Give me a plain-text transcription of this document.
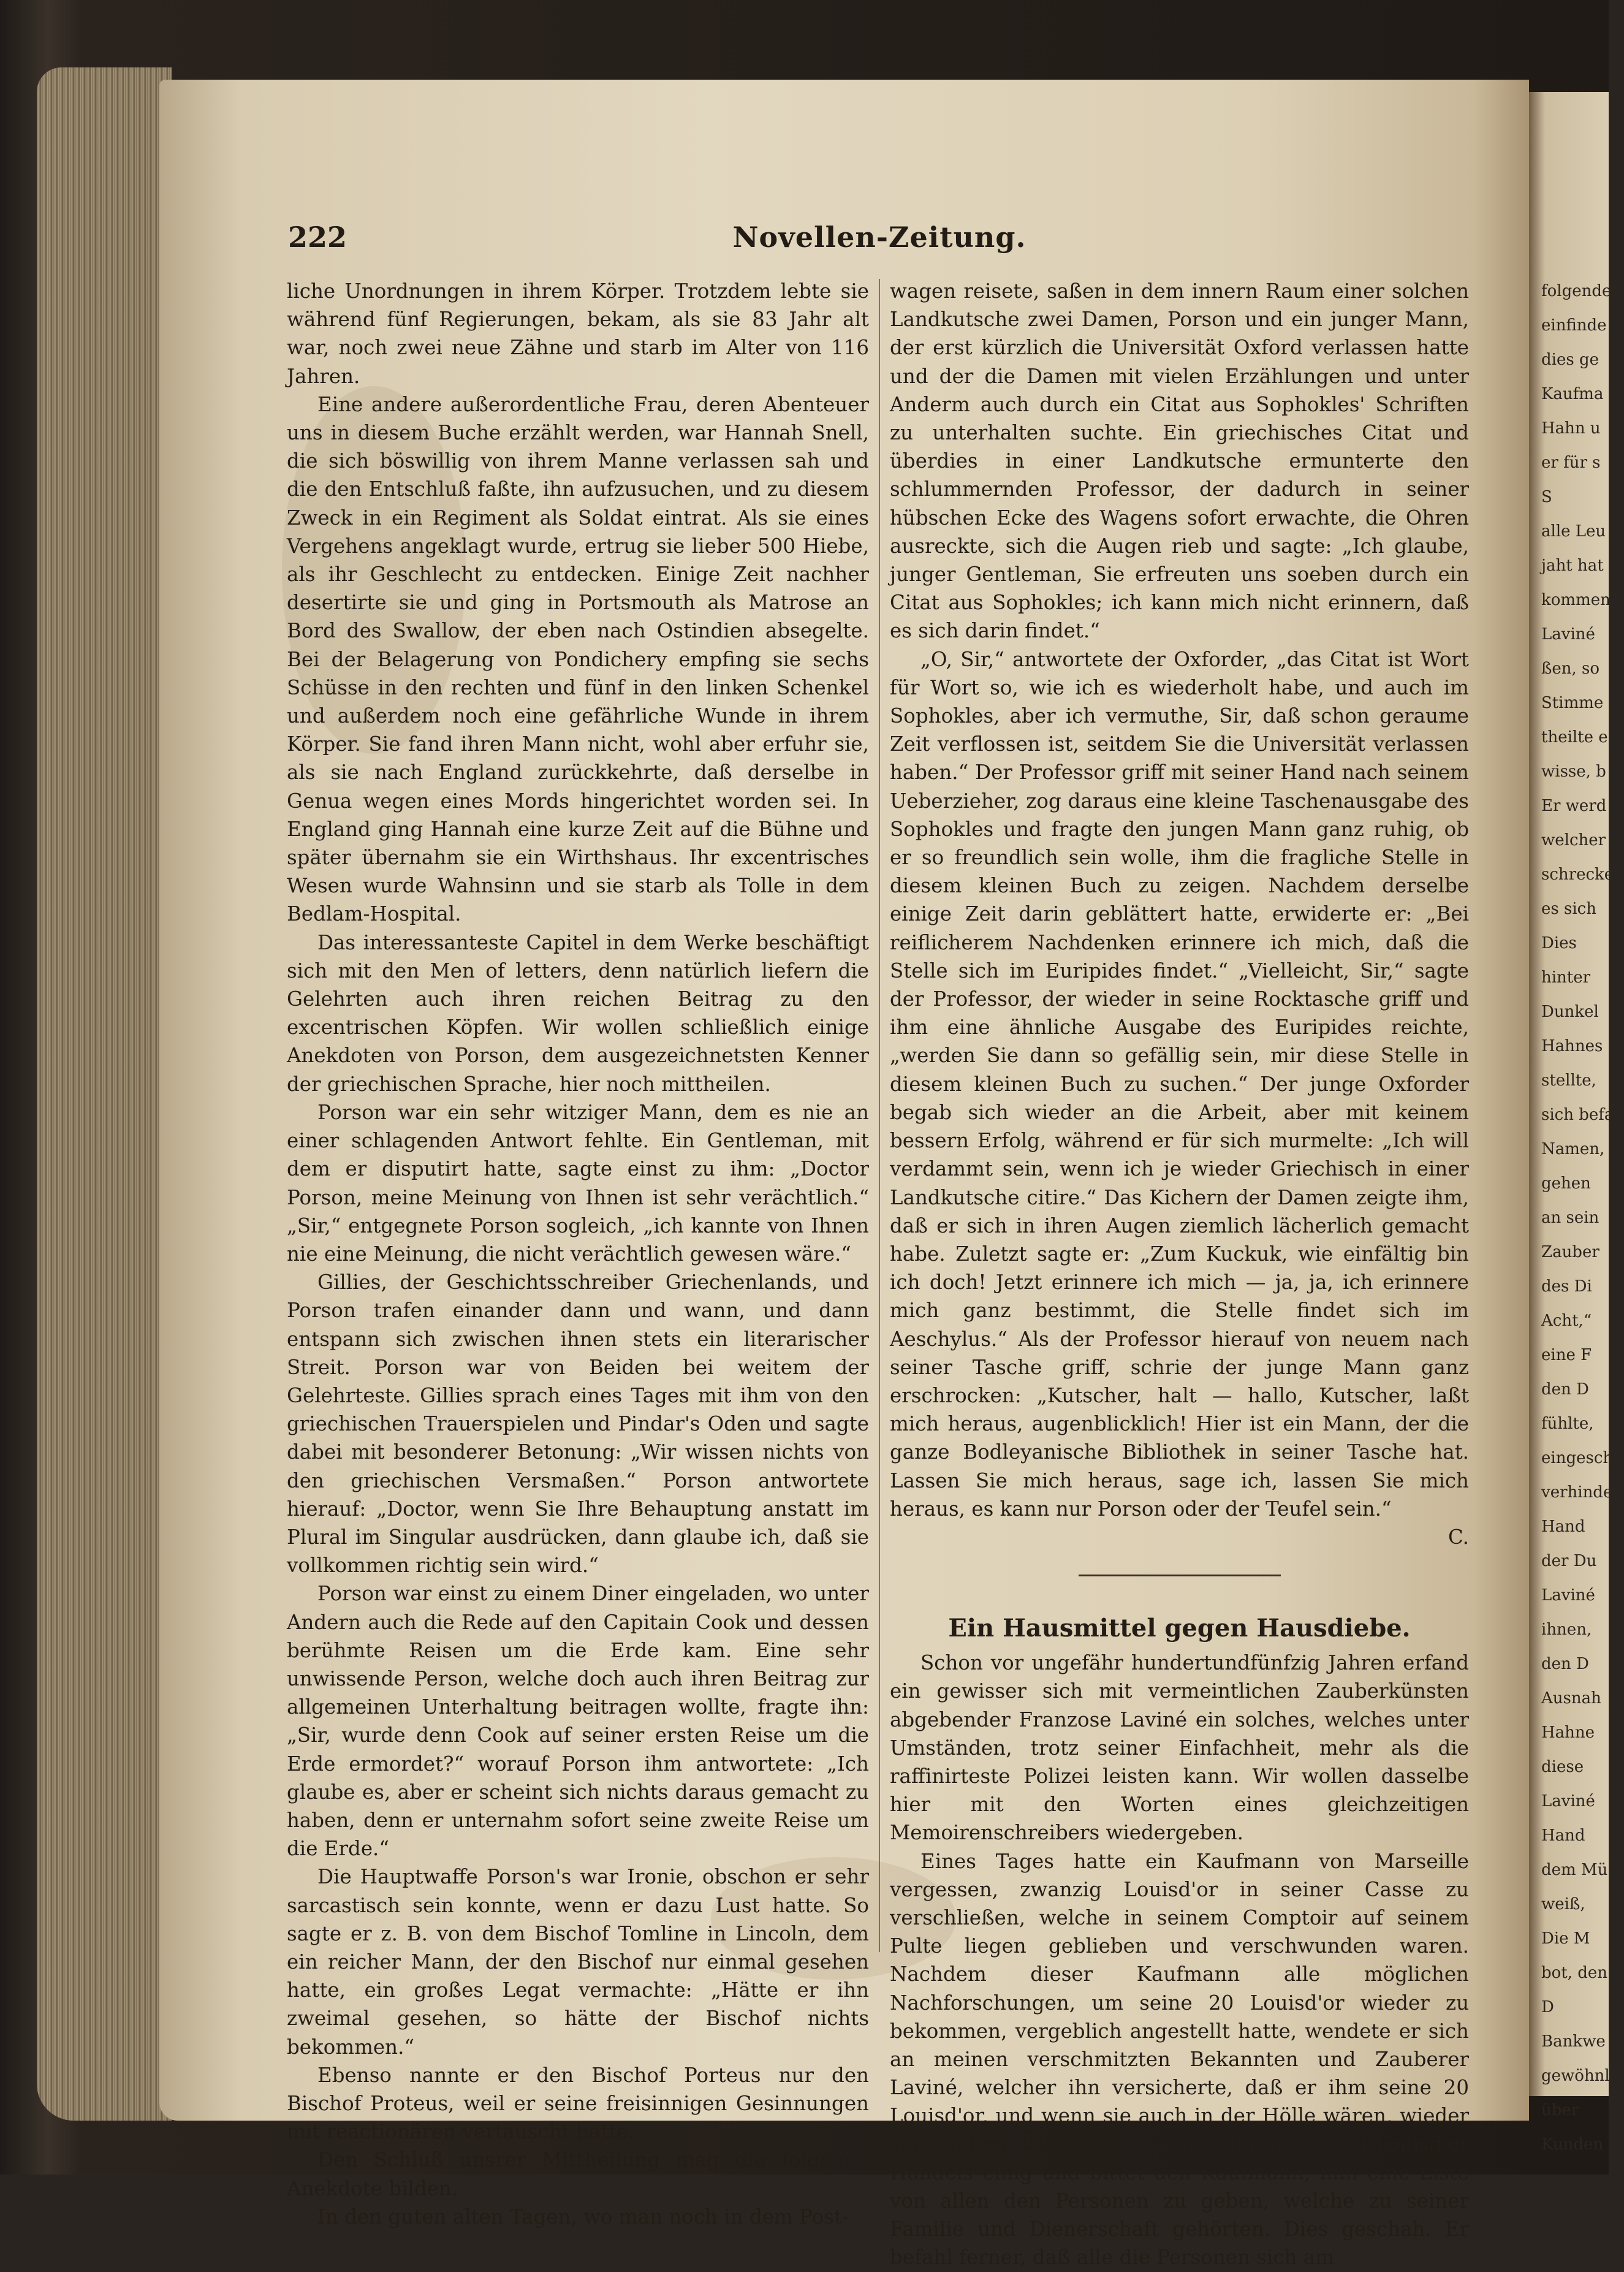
folgender
einfinde
dies ge
Kaufma
Hahn u
er für s
S
alle Leu
jaht hat
kommen
Laviné
ßen, so
Stimme
theilte e
wisse, b
Er werd
welcher
schrecken
es sich
Dies
hinter
Dunkel
Hahnes
stellte,
sich befa
Namen,
gehen
an sein
Zauber
des Di
Acht,“
eine F
den D
fühlte,
eingesch
verhinde
Hand
der Du
Laviné
ihnen,
den D
Ausnah
Hahne
diese
Laviné
Hand
dem Mü
weiß,
Die M
bot, den
D
Bankwe
gewöhnl
über
Kunden
222	Novellen-Zeitung.

liche Unordnungen in ihrem Körper. Trotzdem lebte sie während fünf Regierungen, bekam, als sie 83 Jahr alt war, noch zwei neue Zähne und starb im Alter von 116 Jahren.

Eine andere außerordentliche Frau, deren Abenteuer uns in diesem Buche erzählt werden, war Hannah Snell, die sich böswillig von ihrem Manne verlassen sah und die den Entschluß faßte, ihn aufzusuchen, und zu diesem Zweck in ein Regiment als Soldat eintrat. Als sie eines Vergehens angeklagt wurde, ertrug sie lieber 500 Hiebe, als ihr Geschlecht zu entdecken. Einige Zeit nachher desertirte sie und ging in Portsmouth als Matrose an Bord des Swallow, der eben nach Ostindien absegelte. Bei der Belagerung von Pondichery empfing sie sechs Schüsse in den rechten und fünf in den linken Schenkel und außerdem noch eine gefährliche Wunde in ihrem Körper. Sie fand ihren Mann nicht, wohl aber erfuhr sie, als sie nach England zurückkehrte, daß derselbe in Genua wegen eines Mords hingerichtet worden sei. In England ging Hannah eine kurze Zeit auf die Bühne und später übernahm sie ein Wirthshaus. Ihr excentrisches Wesen wurde Wahnsinn und sie starb als Tolle in dem Bedlam-Hospital.

Das interessanteste Capitel in dem Werke beschäftigt sich mit den Men of letters, denn natürlich liefern die Gelehrten auch ihren reichen Beitrag zu den excentrischen Köpfen. Wir wollen schließlich einige Anekdoten von Porson, dem ausgezeichnetsten Kenner der griechischen Sprache, hier noch mittheilen.

Porson war ein sehr witziger Mann, dem es nie an einer schlagenden Antwort fehlte. Ein Gentleman, mit dem er disputirt hatte, sagte einst zu ihm: „Doctor Porson, meine Meinung von Ihnen ist sehr verächtlich.“ „Sir,“ entgegnete Porson sogleich, „ich kannte von Ihnen nie eine Meinung, die nicht verächtlich gewesen wäre.“

Gillies, der Geschichtsschreiber Griechenlands, und Porson trafen einander dann und wann, und dann entspann sich zwischen ihnen stets ein literarischer Streit. Porson war von Beiden bei weitem der Gelehrteste. Gillies sprach eines Tages mit ihm von den griechischen Trauerspielen und Pindar's Oden und sagte dabei mit besonderer Betonung: „Wir wissen nichts von den griechischen Versmaßen.“ Porson antwortete hierauf: „Doctor, wenn Sie Ihre Behauptung anstatt im Plural im Singular ausdrücken, dann glaube ich, daß sie vollkommen richtig sein wird.“

Porson war einst zu einem Diner eingeladen, wo unter Andern auch die Rede auf den Capitain Cook und dessen berühmte Reisen um die Erde kam. Eine sehr unwissende Person, welche doch auch ihren Beitrag zur allgemeinen Unterhaltung beitragen wollte, fragte ihn: „Sir, wurde denn Cook auf seiner ersten Reise um die Erde ermordet?“ worauf Porson ihm antwortete: „Ich glaube es, aber er scheint sich nichts daraus gemacht zu haben, denn er unternahm sofort seine zweite Reise um die Erde.“

Die Hauptwaffe Porson's war Ironie, obschon er sehr sarcastisch sein konnte, wenn er dazu Lust hatte. So sagte er z. B. von dem Bischof Tomline in Lincoln, dem ein reicher Mann, der den Bischof nur einmal gesehen hatte, ein großes Legat vermachte: „Hätte er ihn zweimal gesehen, so hätte der Bischof nichts bekommen.“

Ebenso nannte er den Bischof Porteus nur den Bischof Proteus, weil er seine freisinnigen Gesinnungen mit reactionären vertauscht hatte.

Den Schluß unsrer Mittheilung mag die folgende Anekdote bilden.

In den guten alten Tagen, wo man noch in dem Post-

wagen reisete, saßen in dem innern Raum einer solchen Landkutsche zwei Damen, Porson und ein junger Mann, der erst kürzlich die Universität Oxford verlassen hatte und der die Damen mit vielen Erzählungen und unter Anderm auch durch ein Citat aus Sophokles' Schriften zu unterhalten suchte. Ein griechisches Citat und überdies in einer Landkutsche ermunterte den schlummernden Professor, der dadurch in seiner hübschen Ecke des Wagens sofort erwachte, die Ohren ausreckte, sich die Augen rieb und sagte: „Ich glaube, junger Gentleman, Sie erfreuten uns soeben durch ein Citat aus Sophokles; ich kann mich nicht erinnern, daß es sich darin findet.“

„O, Sir,“ antwortete der Oxforder, „das Citat ist Wort für Wort so, wie ich es wiederholt habe, und auch im Sophokles, aber ich vermuthe, Sir, daß schon geraume Zeit verflossen ist, seitdem Sie die Universität verlassen haben.“ Der Professor griff mit seiner Hand nach seinem Ueberzieher, zog daraus eine kleine Taschenausgabe des Sophokles und fragte den jungen Mann ganz ruhig, ob er so freundlich sein wolle, ihm die fragliche Stelle in diesem kleinen Buch zu zeigen. Nachdem derselbe einige Zeit darin geblättert hatte, erwiderte er: „Bei reiflicherem Nachdenken erinnere ich mich, daß die Stelle sich im Euripides findet.“ „Vielleicht, Sir,“ sagte der Professor, der wieder in seine Rocktasche griff und ihm eine ähnliche Ausgabe des Euripides reichte, „werden Sie dann so gefällig sein, mir diese Stelle in diesem kleinen Buch zu suchen.“ Der junge Oxforder begab sich wieder an die Arbeit, aber mit keinem bessern Erfolg, während er für sich murmelte: „Ich will verdammt sein, wenn ich je wieder Griechisch in einer Landkutsche citire.“ Das Kichern der Damen zeigte ihm, daß er sich in ihren Augen ziemlich lächerlich gemacht habe. Zuletzt sagte er: „Zum Kuckuk, wie einfältig bin ich doch! Jetzt erinnere ich mich — ja, ja, ich erinnere mich ganz bestimmt, die Stelle findet sich im Aeschylus.“ Als der Professor hierauf von neuem nach seiner Tasche griff, schrie der junge Mann ganz erschrocken: „Kutscher, halt — hallo, Kutscher, laßt mich heraus, augenblicklich! Hier ist ein Mann, der die ganze Bodleyanische Bibliothek in seiner Tasche hat. Lassen Sie mich heraus, sage ich, lassen Sie mich heraus, es kann nur Porson oder der Teufel sein.“

C.

Ein Hausmittel gegen Hausdiebe.

Schon vor ungefähr hundertundfünfzig Jahren erfand ein gewisser sich mit vermeintlichen Zauberkünsten abgebender Franzose Laviné ein solches, welches unter Umständen, trotz seiner Einfachheit, mehr als die raffinirteste Polizei leisten kann. Wir wollen dasselbe hier mit den Worten eines gleichzeitigen Memoirenschreibers wiedergeben.

Eines Tages hatte ein Kaufmann von Marseille vergessen, zwanzig Louisd'or in seiner Casse zu verschließen, welche in seinem Comptoir auf seinem Pulte liegen geblieben und verschwunden waren. Nachdem dieser Kaufmann alle möglichen Nachforschungen, um seine 20 Louisd'or wieder zu bekommen, vergeblich angestellt hatte, wendete er sich an meinen verschmitzten Bekannten und Zauberer Laviné, welcher ihn versicherte, daß er ihm seine 20 Louisd'or, und wenn sie auch in der Hölle wären, wieder verschaffen würde. Er wird mit ihm um einen Louisd'or Handels einig und bittet den Kaufmann, ihm eine Liste von allen den Personen zu geben, welche zu seiner Familie und Dienerschaft gehörten. Dies geschah. Er befahl ferner, daß alle die Personen sich am
